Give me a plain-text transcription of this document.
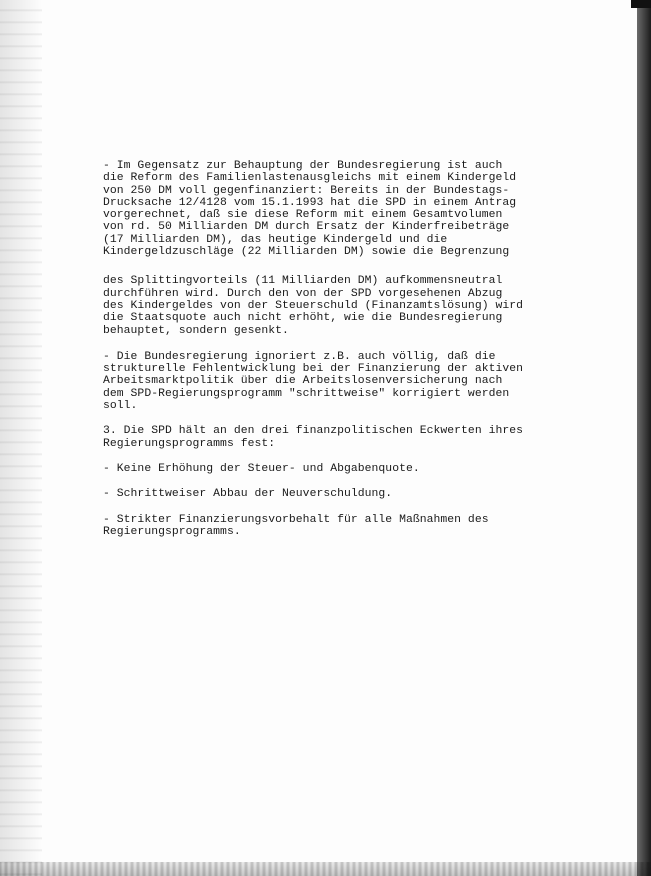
- Im Gegensatz zur Behauptung der Bundesregierung ist auch
die Reform des Familienlastenausgleichs mit einem Kindergeld
von 250 DM voll gegenfinanziert: Bereits in der Bundestags-
Drucksache 12/4128 vom 15.1.1993 hat die SPD in einem Antrag
vorgerechnet, daß sie diese Reform mit einem Gesamtvolumen
von rd. 50 Milliarden DM durch Ersatz der Kinderfreibeträge
(17 Milliarden DM), das heutige Kindergeld und die
Kindergeldzuschläge (22 Milliarden DM) sowie die Begrenzung
des Splittingvorteils (11 Milliarden DM) aufkommensneutral
durchführen wird. Durch den von der SPD vorgesehenen Abzug
des Kindergeldes von der Steuerschuld (Finanzamtslösung) wird
die Staatsquote auch nicht erhöht, wie die Bundesregierung
behauptet, sondern gesenkt.
- Die Bundesregierung ignoriert z.B. auch völlig, daß die
strukturelle Fehlentwicklung bei der Finanzierung der aktiven
Arbeitsmarktpolitik über die Arbeitslosenversicherung nach
dem SPD-Regierungsprogramm "schrittweise" korrigiert werden
soll.
3. Die SPD hält an den drei finanzpolitischen Eckwerten ihres
Regierungsprogramms fest:
- Keine Erhöhung der Steuer- und Abgabenquote.
- Schrittweiser Abbau der Neuverschuldung.
- Strikter Finanzierungsvorbehalt für alle Maßnahmen des
Regierungsprogramms.
